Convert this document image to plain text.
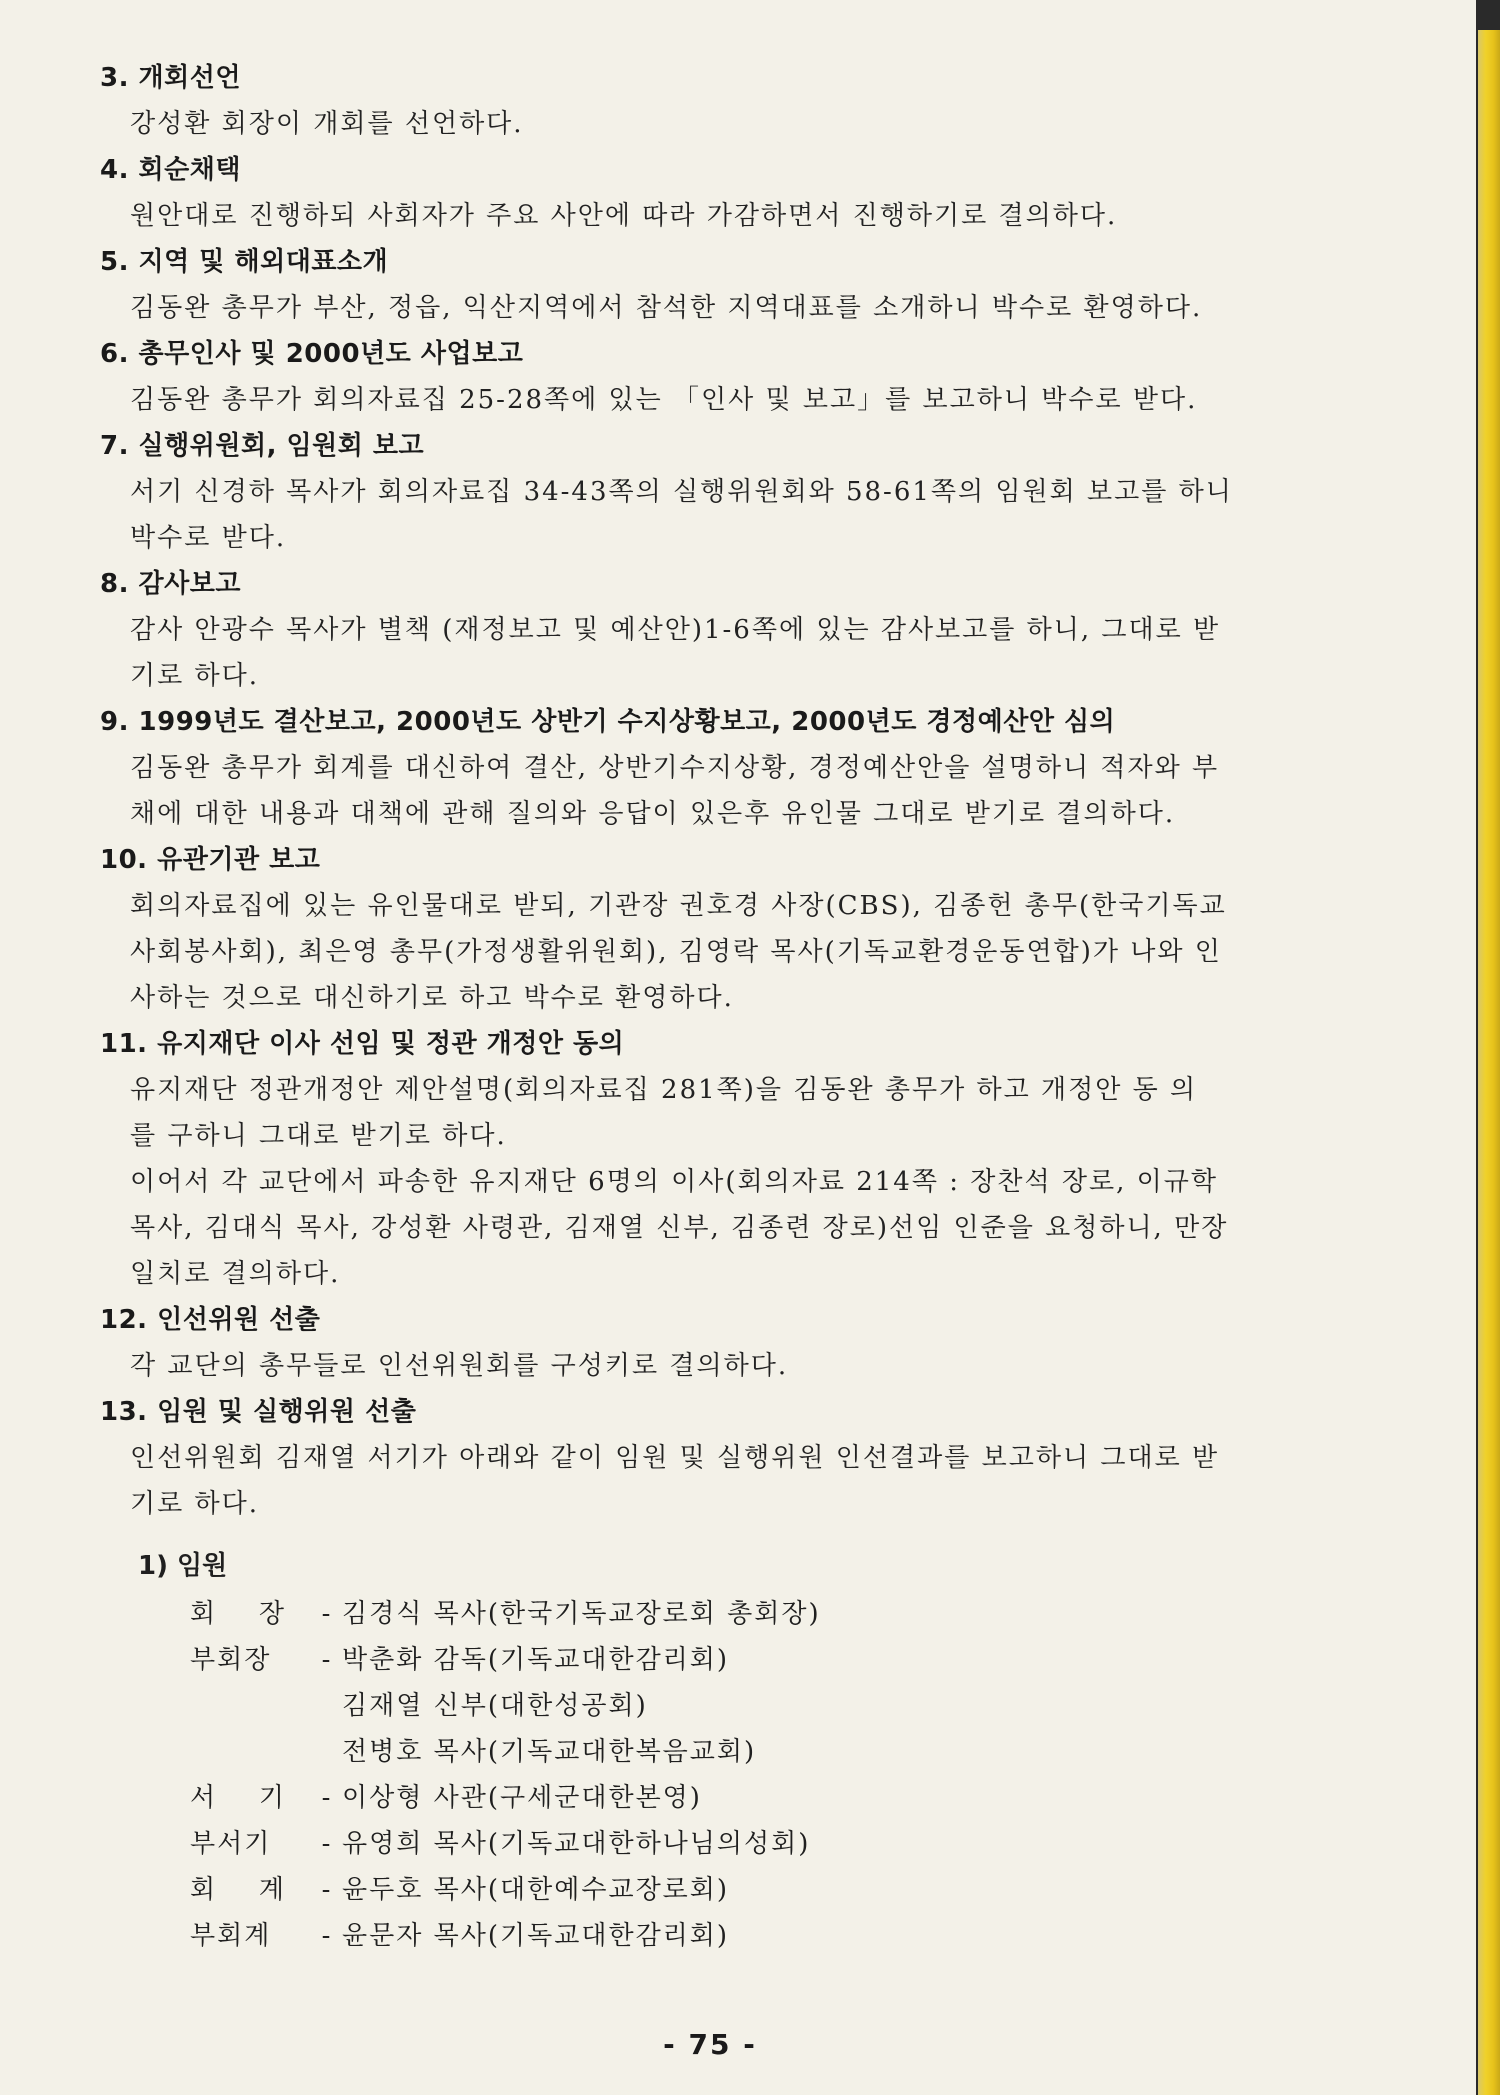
3. 개회선언
강성환 회장이 개회를 선언하다.
4. 회순채택
원안대로 진행하되 사회자가 주요 사안에 따라 가감하면서 진행하기로 결의하다.
5. 지역 및 해외대표소개
김동완 총무가 부산, 정읍, 익산지역에서 참석한 지역대표를 소개하니 박수로 환영하다.
6. 총무인사 및 2000년도 사업보고
김동완 총무가 회의자료집 25-28쪽에 있는 「인사 및 보고」를 보고하니 박수로 받다.
7. 실행위원회, 임원회 보고
서기 신경하 목사가 회의자료집 34-43쪽의 실행위원회와 58-61쪽의 임원회 보고를 하니
박수로 받다.
8. 감사보고
감사 안광수 목사가 별책 (재정보고 및 예산안)1-6쪽에 있는 감사보고를 하니, 그대로 받
기로 하다.
9. 1999년도 결산보고, 2000년도 상반기 수지상황보고, 2000년도 경정예산안 심의
김동완 총무가 회계를 대신하여 결산, 상반기수지상황, 경정예산안을 설명하니 적자와 부
채에 대한 내용과 대책에 관해 질의와 응답이 있은후 유인물 그대로 받기로 결의하다.
10. 유관기관 보고
회의자료집에 있는 유인물대로 받되, 기관장 권호경 사장(CBS), 김종헌 총무(한국기독교
사회봉사회), 최은영 총무(가정생활위원회), 김영락 목사(기독교환경운동연합)가 나와 인
사하는 것으로 대신하기로 하고 박수로 환영하다.
11. 유지재단 이사 선임 및 정관 개정안 동의
유지재단 정관개정안 제안설명(회의자료집 281쪽)을 김동완 총무가 하고 개정안 동 의
를 구하니 그대로 받기로 하다.
이어서 각 교단에서 파송한 유지재단 6명의 이사(회의자료 214쪽 : 장찬석 장로, 이규학
목사, 김대식 목사, 강성환 사령관, 김재열 신부, 김종련 장로)선임 인준을 요청하니, 만장
일치로 결의하다.
12. 인선위원 선출
각 교단의 총무들로 인선위원회를 구성키로 결의하다.
13. 임원 및 실행위원 선출
인선위원회 김재열 서기가 아래와 같이 임원 및 실행위원 인선결과를 보고하니 그대로 받
기로 하다.
1) 임원
회 장	- 김경식 목사(한국기독교장로회 총회장)
부회장	- 박춘화 감독(기독교대한감리회)
김재열 신부(대한성공회)
전병호 목사(기독교대한복음교회)
서 기	- 이상형 사관(구세군대한본영)
부서기	- 유영희 목사(기독교대한하나님의성회)
회 계	- 윤두호 목사(대한예수교장로회)
부회계	- 윤문자 목사(기독교대한감리회)
- 75 -
